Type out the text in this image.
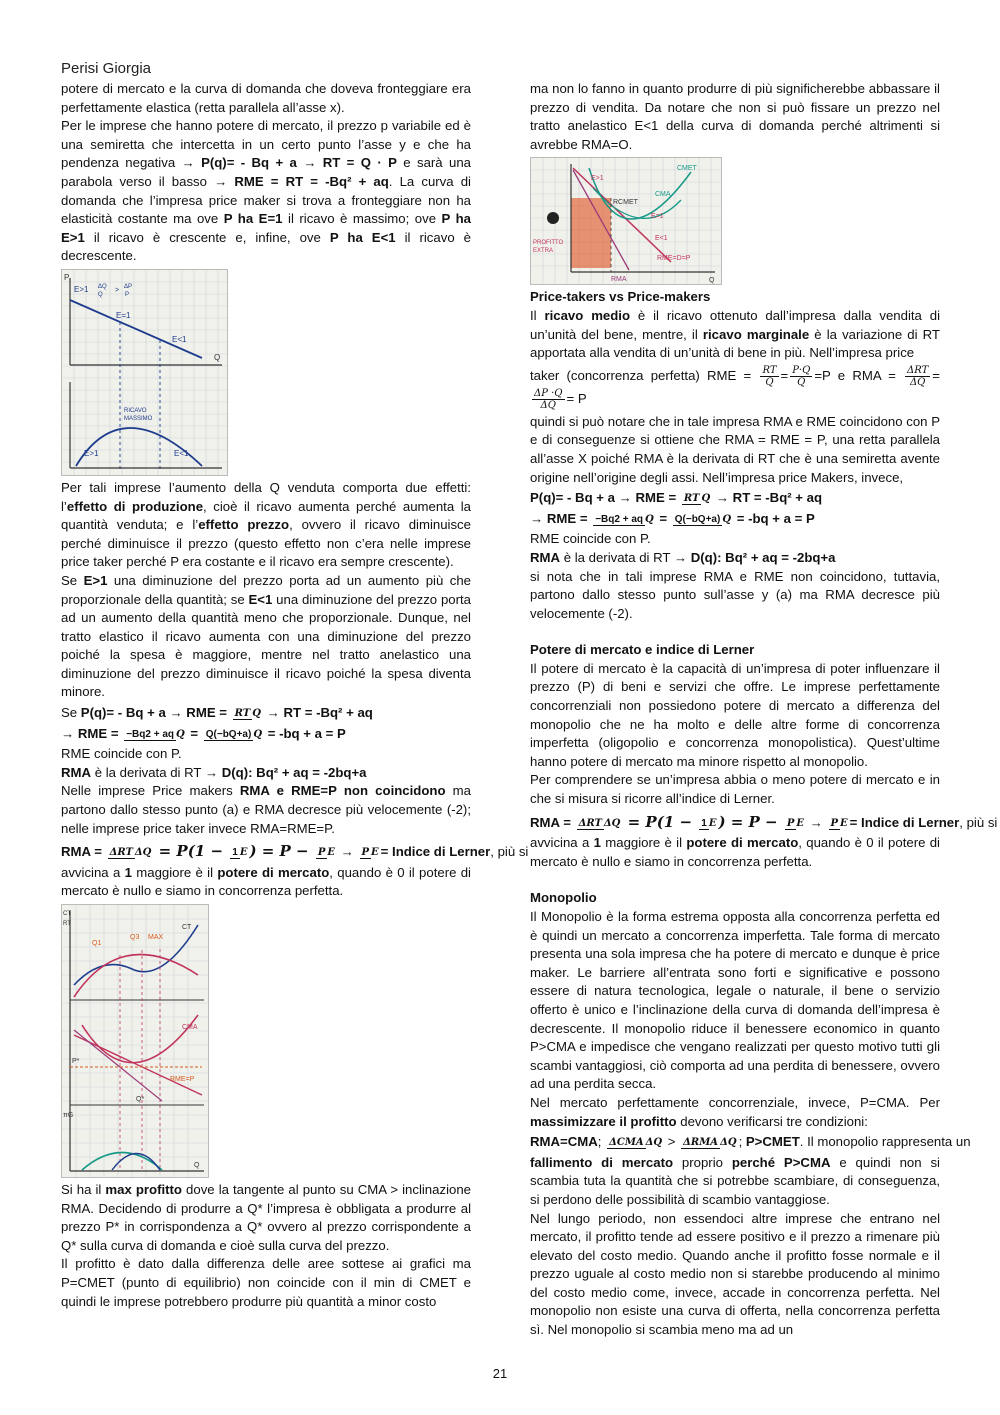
Perisi Giorgia

potere di mercato e la curva di domanda che doveva fronteggiare era perfettamente elastica (retta parallela all’asse x).

Per le imprese che hanno potere di mercato, il prezzo p variabile ed è una semiretta che intercetta in un certo punto l’asse y e che ha pendenza negativa → P(q)= - Bq + a → RT = Q · P e sarà una parabola verso il basso → RME = RT = -Bq² + aq. La curva di domanda che l’impresa price maker si trova a fronteggiare non ha elasticità costante ma ove P ha E=1 il ricavo è massimo; ove P ha E>1 il ricavo è crescente e, infine, ove P ha E<1 il ricavo è decrescente.

E>1 ΔQ
Q
> ΔP
P
E=1
E<1
P
Q
RICAVO
MASSIMO
E>1	E<1

Per tali imprese l’aumento della Q venduta comporta due effetti: l’effetto di produzione, cioè il ricavo aumenta perché aumenta la quantità venduta; e l’effetto prezzo, ovvero il ricavo diminuisce perché diminuisce il prezzo (questo effetto non c’era nelle imprese price taker perché P era costante e il ricavo era sempre crescente).

Se E>1 una diminuzione del prezzo porta ad un aumento più che proporzionale della quantità; se E<1 una diminuzione del prezzo porta ad un aumento della quantità meno che proporzionale. Dunque, nel tratto elastico il ricavo aumenta con una diminuzione del prezzo poiché la spesa è maggiore, mentre nel tratto anelastico una diminuzione del prezzo diminuisce il ricavo poiché la spesa diventa minore.

Se P(q)= - Bq + a → RME = RT Q → RT = -Bq² + aq
→ RME = −Bq2 + aq Q = Q(−bQ+a) Q = -bq + a = P

RME coincide con P.

RMA è la derivata di RT → D(q): Bq² + aq = -2bq+a

Nelle imprese Price makers RMA e RME=P non coincidono ma partono dallo stesso punto (a) e RMA decresce più velocemente (-2); nelle imprese price taker invece RMA=RME=P.

RMA = ΔRT ΔQ = P(1 − 1 E ) = P − P E → P E = Indice di Lerner, più si

avvicina a 1 maggiore è il potere di mercato, quando è 0 il potere di mercato è nullo e siamo in concorrenza perfetta.

CT
RT	CT
Q1
Q3 MAX
CMA
RME=P
P*
Q*
πG
Q

Si ha il max profitto dove la tangente al punto su CMA > inclinazione RMA. Decidendo di produrre a Q* l’impresa è obbligata a produrre al prezzo P* in corrispondenza a Q* ovvero al prezzo corrispondente a Q* sulla curva di domanda e cioè sulla curva del prezzo.

Il profitto è dato dalla differenza delle aree sottese ai grafici ma P=CMET (punto di equilibrio) non coincide con il min di CMET e quindi le imprese potrebbero produrre più quantità a minor costo

ma non lo fanno in quanto produrre di più significherebbe abbassare il prezzo di vendita. Da notare che non si può fissare un prezzo nel tratto anelastico E<1 della curva di domanda perché altrimenti si avrebbe RMA=O.

CMET
CMA
E>1
RCMET
E=1
E<1
PROFITTO
EXTRA
RME=D=P
RMA	Q
Price-takers vs Price-makers

Il ricavo medio è il ricavo ottenuto dall’impresa dalla vendita di un’unità del bene, mentre, il ricavo marginale è la variazione di RT apportata alla vendita di un’unità di bene in più. Nell’impresa price

taker (concorrenza perfetta) RME = $\frac{RT}{Q} = \frac{P\cdot Q}{Q} =P$ e RMA = $\frac{\text{ΔRT}}{\Delta Q}$ =
$\frac{\Delta P \cdot Q}{\Delta Q} = P$

quindi si può notare che in tale impresa RMA e RME coincidono con P e di conseguenze si ottiene che RMA = RME = P, una retta parallela all’asse X poiché RMA è la derivata di RT che è una semiretta avente origine nell’origine degli assi. Nell’impresa price Makers, invece,

P(q)= - Bq + a → RME = RT Q → RT = -Bq² + aq
→ RME = −Bq2 + aq Q = Q(−bQ+a) Q = -bq + a = P

RME coincide con P.

RMA è la derivata di RT → D(q): Bq² + aq = -2bq+a

si nota che in tali imprese RMA e RME non coincidono, tuttavia, partono dallo stesso punto sull’asse y (a) ma RMA decresce più velocemente (-2).

Potere di mercato e indice di Lerner

Il potere di mercato è la capacità di un’impresa di poter influenzare il prezzo (P) di beni e servizi che offre. Le imprese perfettamente concorrenziali non possiedono potere di mercato a differenza del monopolio che ne ha molto e delle altre forme di concorrenza imperfetta (oligopolio e concorrenza monopolistica). Quest’ultime hanno potere di mercato ma minore rispetto al monopolio.

Per comprendere se un’impresa abbia o meno potere di mercato e in che si misura si ricorre all’indice di Lerner.

RMA = ΔRT ΔQ = P(1 − 1 E ) = P − P E → P E = Indice di Lerner, più si

avvicina a 1 maggiore è il potere di mercato, quando è 0 il potere di mercato è nullo e siamo in concorrenza perfetta.

Monopolio

Il Monopolio è la forma estrema opposta alla concorrenza perfetta ed è quindi un mercato a concorrenza imperfetta. Tale forma di mercato presenta una sola impresa che ha potere di mercato e dunque è price maker. Le barriere all’entrata sono forti e significative e possono essere di natura tecnologica, legale o naturale, il bene o servizio offerto è unico e l’inclinazione della curva di domanda dell’impresa è decrescente. Il monopolio riduce il benessere economico in quanto P>CMA e impedisce che vengano realizzati per questo motivo tutti gli scambi vantaggiosi, ciò comporta ad una perdita di benessere, ovvero ad una perdita secca.

Nel mercato perfettamente concorrenziale, invece, P=CMA. Per massimizzare il profitto devono verificarsi tre condizioni:

RMA=CMA; ΔCMA ΔQ > ΔRMA ΔQ ; P>CMET. Il monopolio rappresenta un

fallimento di mercato proprio perché P>CMA e quindi non si scambia tuta la quantità che si potrebbe scambiare, di conseguenza, si perdono delle possibilità di scambio vantaggiose.

Nel lungo periodo, non essendoci altre imprese che entrano nel mercato, il profitto tende ad essere positivo e il prezzo a rimenare più elevato del costo medio. Quando anche il profitto fosse normale e il prezzo uguale al costo medio non si starebbe producendo al minimo del costo medio come, invece, accade in concorrenza perfetta. Nel monopolio non esiste una curva di offerta, nella concorrenza perfetta sì. Nel monopolio si scambia meno ma ad un

21
